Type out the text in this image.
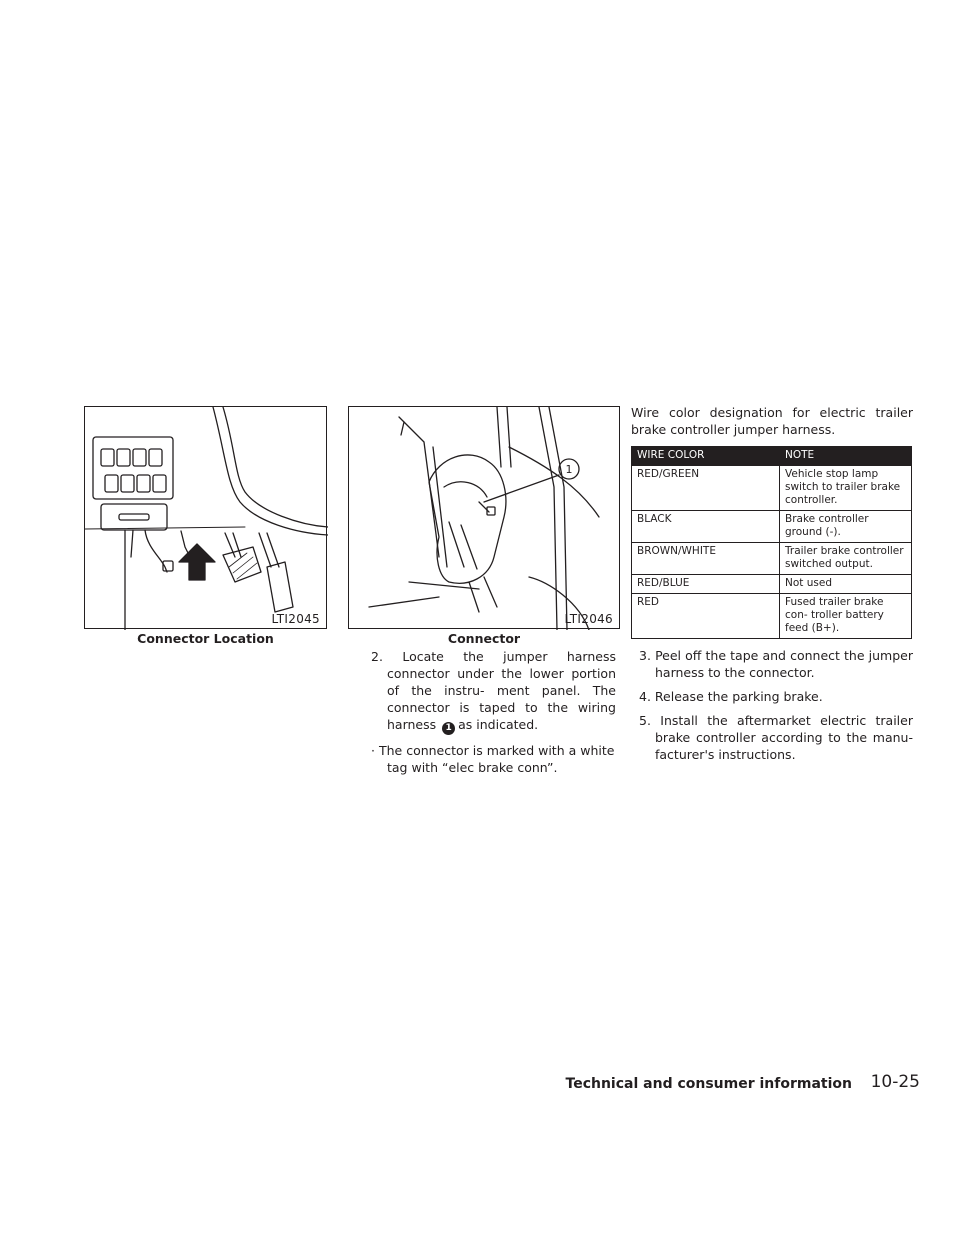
LTI2045
Connector Location
1
LTI2046
Connector

2. Locate the jumper harness connector under the lower portion of the instru- ment panel. The connector is taped to the wiring harness 1 as indicated.

· The connector is marked with a white tag with “elec brake conn”.

Wire color designation for electric trailer brake controller jumper harness.

WIRE COLOR	NOTE
RED/GREEN	Vehicle stop lamp switch to trailer brake controller.
BLACK	Brake controller ground (-).
BROWN/WHITE	Trailer brake controller switched output.
RED/BLUE	Not used
RED	Fused trailer brake con- troller battery feed (B+).

3. Peel off the tape and connect the jumper harness to the connector.

4. Release the parking brake.

5. Install the aftermarket electric trailer brake controller according to the manu- facturer's instructions.

Technical and consumer information 10-25
